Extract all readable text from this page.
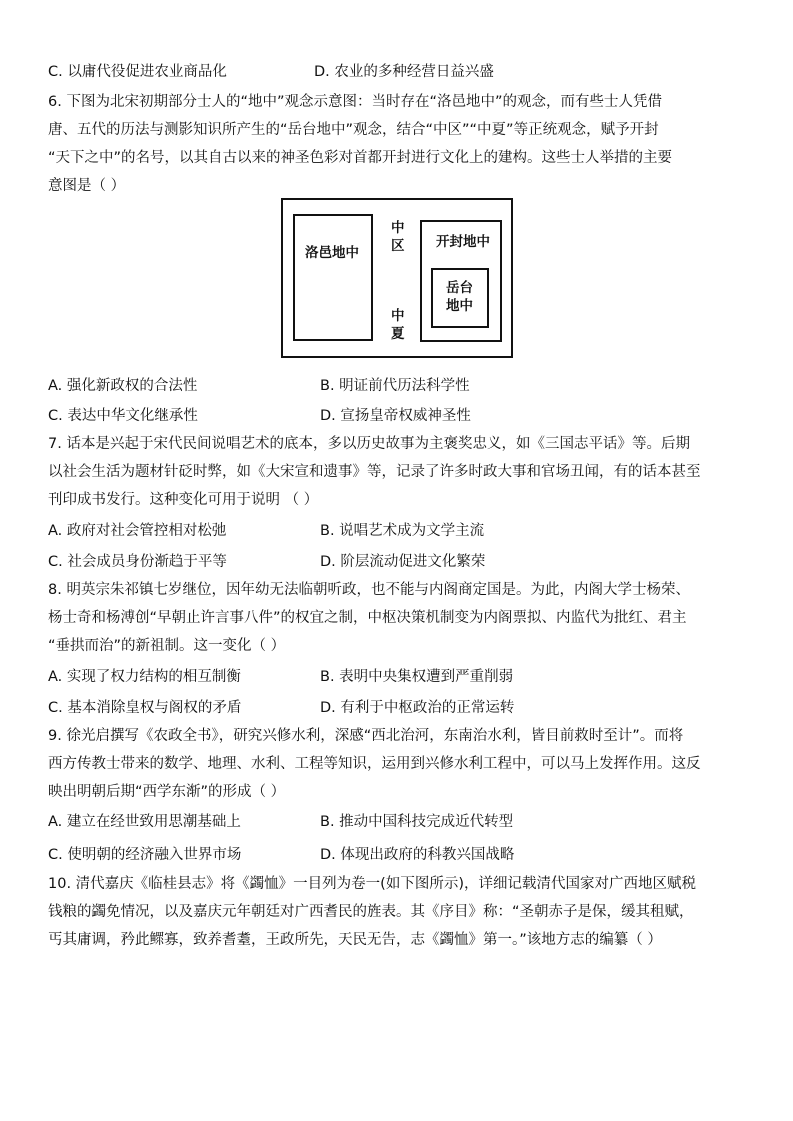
C. 以庸代役促进农业商品化	D. 农业的多种经营日益兴盛
6. 下图为北宋初期部分士人的“地中”观念示意图：当时存在“洛邑地中”的观念，而有些士人凭借
唐、五代的历法与测影知识所产生的“岳台地中”观念，结合“中区”“中夏”等正统观念，赋予开封
“天下之中”的名号，以其自古以来的神圣色彩对首都开封进行文化上的建构。这些士人举措的主要
意图是（ ）
洛邑地中
中
区
中
夏
开封地中
岳台
地中
A. 强化新政权的合法性	B. 明证前代历法科学性
C. 表达中华文化继承性	D. 宣扬皇帝权威神圣性
7. 话本是兴起于宋代民间说唱艺术的底本，多以历史故事为主褒奖忠义，如《三国志平话》等。后期
以社会生活为题材针砭时弊，如《大宋宣和遗事》等，记录了许多时政大事和官场丑闻，有的话本甚至
刊印成书发行。这种变化可用于说明 （ ）
A. 政府对社会管控相对松弛	B. 说唱艺术成为文学主流
C. 社会成员身份渐趋于平等	D. 阶层流动促进文化繁荣
8. 明英宗朱祁镇七岁继位，因年幼无法临朝听政，也不能与内阁商定国是。为此，内阁大学士杨荣、
杨士奇和杨溥创“早朝止许言事八件”的权宜之制，中枢决策机制变为内阁票拟、内监代为批红、君主
“垂拱而治”的新祖制。这一变化（ ）
A. 实现了权力结构的相互制衡	B. 表明中央集权遭到严重削弱
C. 基本消除皇权与阁权的矛盾	D. 有利于中枢政治的正常运转
9. 徐光启撰写《农政全书》，研究兴修水利，深感“西北治河，东南治水利，皆目前救时至计”。而将
西方传教士带来的数学、地理、水利、工程等知识，运用到兴修水利工程中，可以马上发挥作用。这反
映出明朝后期“西学东渐”的形成（ ）
A. 建立在经世致用思潮基础上	B. 推动中国科技完成近代转型
C. 使明朝的经济融入世界市场	D. 体现出政府的科教兴国战略
10. 清代嘉庆《临桂县志》将《蠲恤》一目列为卷一(如下图所示)，详细记载清代国家对广西地区赋税
钱粮的蠲免情况，以及嘉庆元年朝廷对广西耆民的旌表。其《序目》称：“圣朝赤子是保，缓其租赋，
丐其庸调，矜此鳏寡，致养耆耋，王政所先，天民无告，志《蠲恤》第一。”该地方志的编纂（ ）
